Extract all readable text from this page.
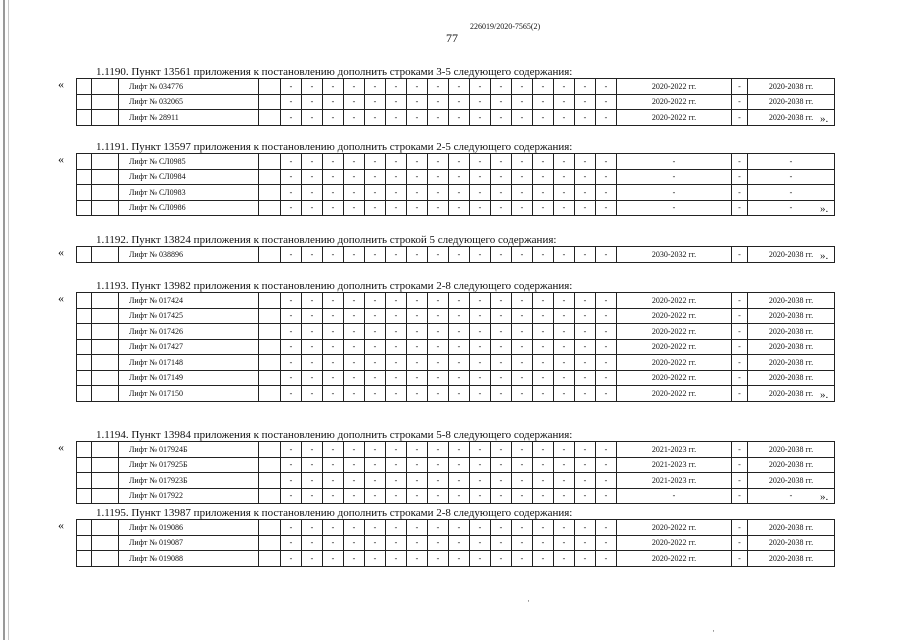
226019/2020-7565(2)
77
1.1190. Пункт 13561 приложения к постановлению дополнить строками 3-5 следующего содержания:
«
			Лифт № 034776		-	-	-	-	-	-	-	-	-	-	-	-	-	-	-	-	2020-2022 гг.	-	2020-2038 гг.
		Лифт № 032065		-	-	-	-	-	-	-	-	-	-	-	-	-	-	-	-	2020-2022 гг.	-	2020-2038 гг.
		Лифт № 28911		-	-	-	-	-	-	-	-	-	-	-	-	-	-	-	-	2020-2022 гг.	-	2020-2038 гг. ».
1.1191. Пункт 13597 приложения к постановлению дополнить строками 2-5 следующего содержания:
«
			Лифт № СЛ0985		-	-	-	-	-	-	-	-	-	-	-	-	-	-	-	-	-	-	-
		Лифт № СЛ0984		-	-	-	-	-	-	-	-	-	-	-	-	-	-	-	-	-	-	-
		Лифт № СЛ0983		-	-	-	-	-	-	-	-	-	-	-	-	-	-	-	-	-	-	-
		Лифт № СЛ0986		-	-	-	-	-	-	-	-	-	-	-	-	-	-	-	-	-	-	-	».
1.1192. Пункт 13824 приложения к постановлению дополнить строкой 5 следующего содержания:
«
			Лифт № 038896		-	-	-	-	-	-	-	-	-	-	-	-	-	-	-	-	2030-2032 гг.	-	2020-2038 гг. ».
1.1193. Пункт 13982 приложения к постановлению дополнить строками 2-8 следующего содержания:
«
			Лифт № 017424		-	-	-	-	-	-	-	-	-	-	-	-	-	-	-	-	2020-2022 гг.	-	2020-2038 гг.
		Лифт № 017425		-	-	-	-	-	-	-	-	-	-	-	-	-	-	-	-	2020-2022 гг.	-	2020-2038 гг.
		Лифт № 017426		-	-	-	-	-	-	-	-	-	-	-	-	-	-	-	-	2020-2022 гг.	-	2020-2038 гг.
		Лифт № 017427		-	-	-	-	-	-	-	-	-	-	-	-	-	-	-	-	2020-2022 гг.	-	2020-2038 гг.
		Лифт № 017148		-	-	-	-	-	-	-	-	-	-	-	-	-	-	-	-	2020-2022 гг.	-	2020-2038 гг.
		Лифт № 017149		-	-	-	-	-	-	-	-	-	-	-	-	-	-	-	-	2020-2022 гг.	-	2020-2038 гг.
		Лифт № 017150		-	-	-	-	-	-	-	-	-	-	-	-	-	-	-	-	2020-2022 гг.	-	2020-2038 гг. ».
1.1194. Пункт 13984 приложения к постановлению дополнить строками 5-8 следующего содержания:
«
			Лифт № 017924Б		-	-	-	-	-	-	-	-	-	-	-	-	-	-	-	-	2021-2023 гг.	-	2020-2038 гг.
		Лифт № 017925Б		-	-	-	-	-	-	-	-	-	-	-	-	-	-	-	-	2021-2023 гг.	-	2020-2038 гг.
		Лифт № 017923Б		-	-	-	-	-	-	-	-	-	-	-	-	-	-	-	-	2021-2023 гг.	-	2020-2038 гг.
		Лифт № 017922		-	-	-	-	-	-	-	-	-	-	-	-	-	-	-	-	-	-	-	».
1.1195. Пункт 13987 приложения к постановлению дополнить строками 2-8 следующего содержания:
«
			Лифт № 019086		-	-	-	-	-	-	-	-	-	-	-	-	-	-	-	-	2020-2022 гг.	-	2020-2038 гг.
		Лифт № 019087		-	-	-	-	-	-	-	-	-	-	-	-	-	-	-	-	2020-2022 гг.	-	2020-2038 гг.
		Лифт № 019088		-	-	-	-	-	-	-	-	-	-	-	-	-	-	-	-	2020-2022 гг.	-	2020-2038 гг.
·
·
